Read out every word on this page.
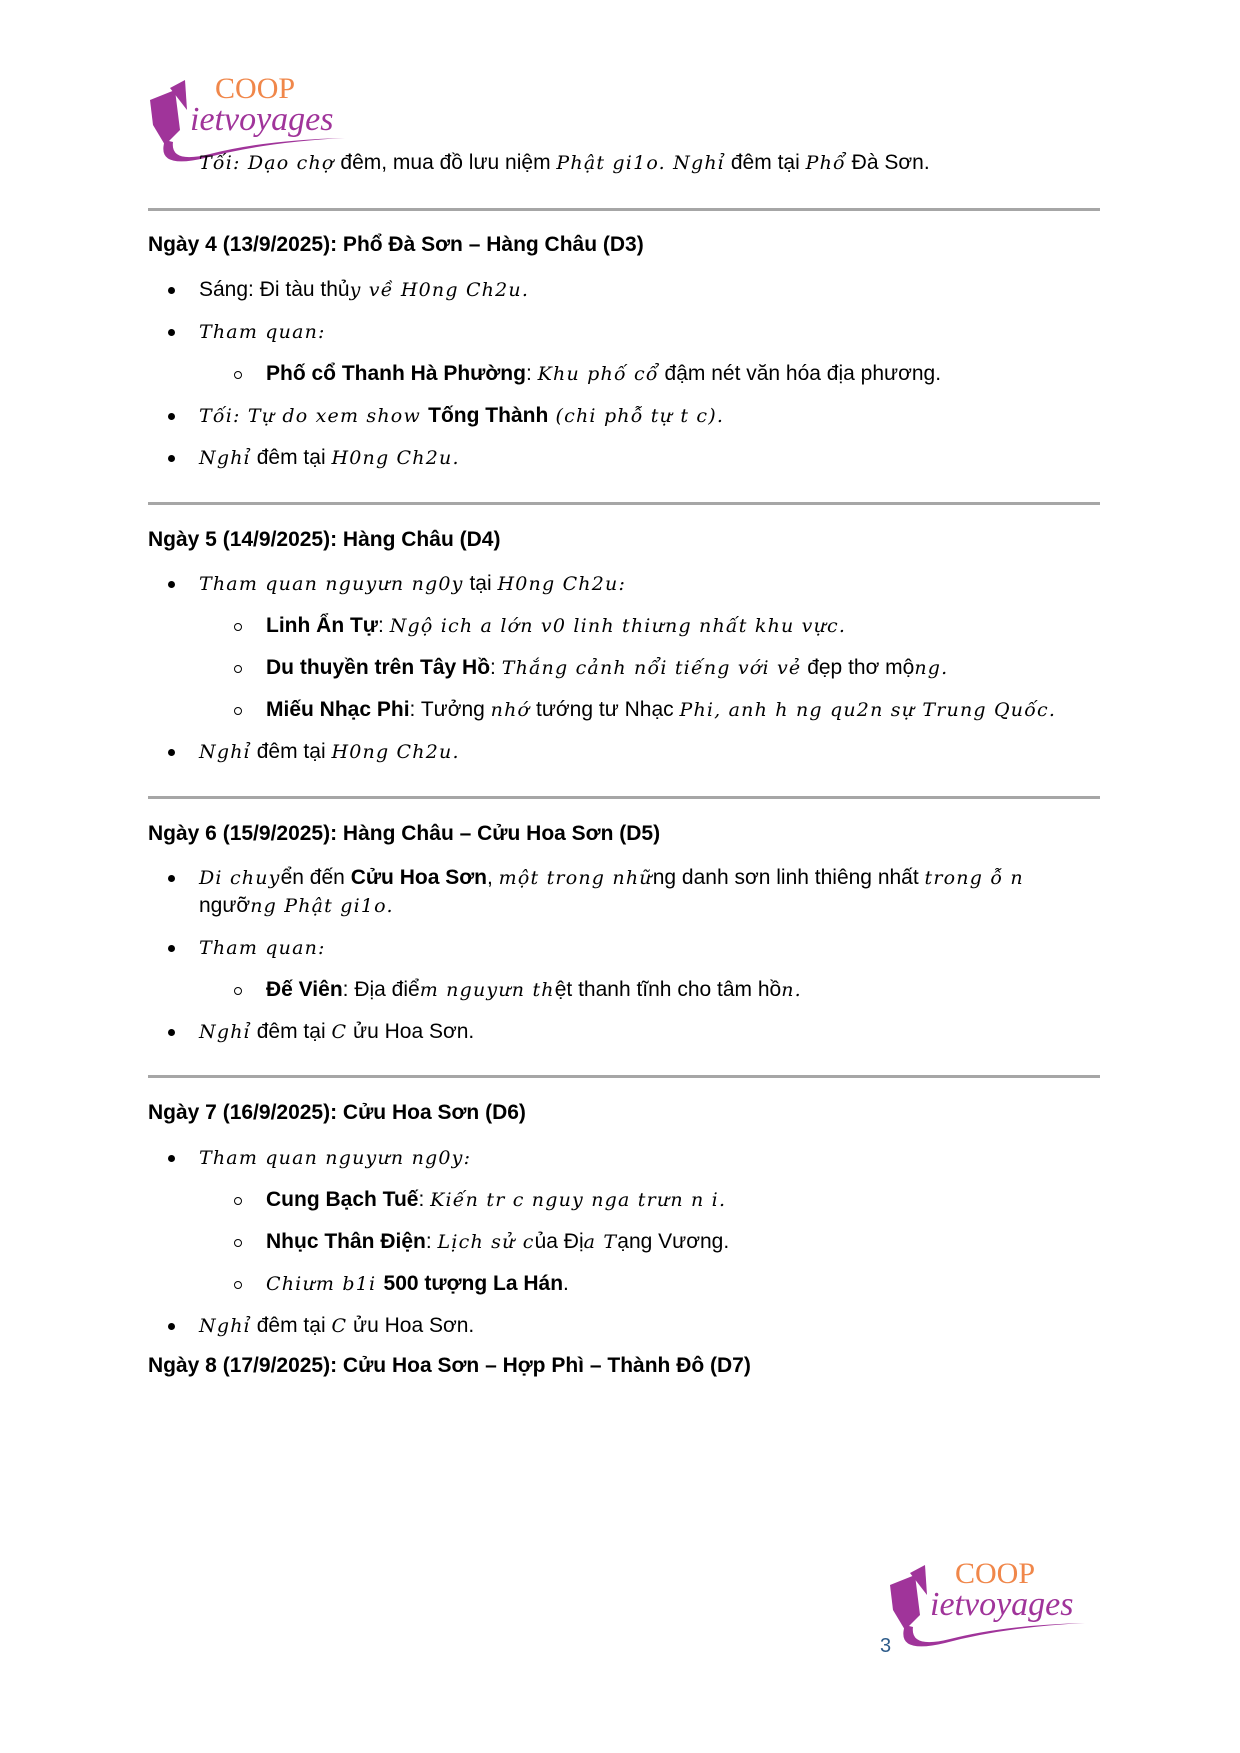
COOP
ietvoyages
COOP
ietvoyages
3
Tối: Dạo chợ đêm, mua đồ lưu niệm Phật gi1o. Nghỉ đêm tại Phổ Đà Sơn.
Ngày 4 (13/9/2025): Phổ Đà Sơn – Hàng Châu (D3)
Sáng: Đi tàu thủy về H0ng Ch2u.
Tham quan:
Phố cổ Thanh Hà Phường: Khu phố cổ đậm nét văn hóa địa phương.
Tối: Tự do xem show Tống Thành (chi phỗ tự t c).
Nghỉ đêm tại H0ng Ch2u.
Ngày 5 (14/9/2025): Hàng Châu (D4)
Tham quan nguyưn ng0y tại H0ng Ch2u:
Linh Ẩn Tự: Ngộ ich a lớn v0 linh thiưng nhất khu vực.
Du thuyền trên Tây Hồ: Thắng cảnh nổi tiếng với vẻ đẹp thơ mộng.
Miếu Nhạc Phi: Tưởng nhớ tướng tư Nhạc Phi, anh h ng qu2n sự Trung Quốc.
Nghỉ đêm tại H0ng Ch2u.
Ngày 6 (15/9/2025): Hàng Châu – Cửu Hoa Sơn (D5)
Di chuyển đến Cửu Hoa Sơn, một trong những danh sơn linh thiêng nhất trong ỗ n
ngưỡng Phật gi1o.
Tham quan:
Đế Viên: Địa điểm nguyưn thệt thanh tĩnh cho tâm hồn.
Nghỉ đêm tại C ửu Hoa Sơn.
Ngày 7 (16/9/2025): Cửu Hoa Sơn (D6)
Tham quan nguyưn ng0y:
Cung Bạch Tuế: Kiến tr c nguy nga trưn n i.
Nhục Thân Điện: Lịch sử của Địa Tạng Vương.
Chiưm b1i 500 tượng La Hán.
Nghỉ đêm tại C ửu Hoa Sơn.
Ngày 8 (17/9/2025): Cửu Hoa Sơn – Hợp Phì – Thành Đô (D7)
